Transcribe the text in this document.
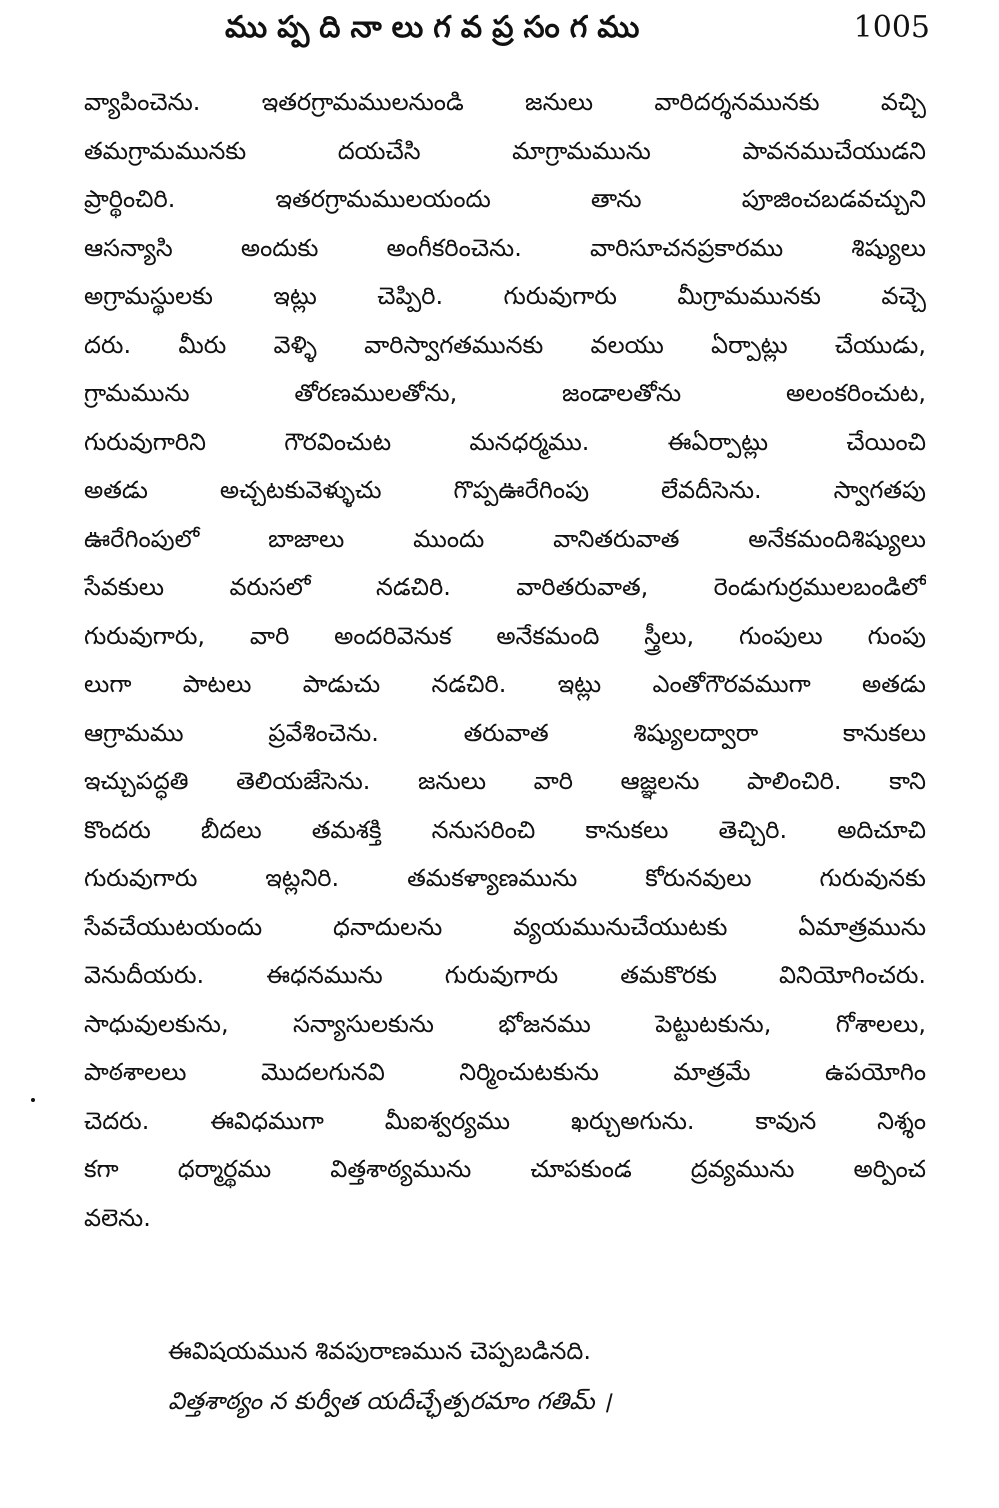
ముప్పదినాలుగవప్రసంగము	1005
వ్యాపించెను. ఇతరగ్రామములనుండి జనులు వారిదర్శనమునకు వచ్చి
తమగ్రామమునకు దయచేసి మాగ్రామమును పావనముచేయుడని
ప్రార్థించిరి. ఇతరగ్రామములయందు తాను పూజించబడవచ్చుని
ఆసన్యాసి అందుకు అంగీకరించెను. వారిసూచనప్రకారము శిష్యులు
అగ్రామస్థులకు ఇట్లు చెప్పిరి. గురువుగారు మీగ్రామమునకు వచ్చె
దరు. మీరు వెళ్ళి వారిస్వాగతమునకు వలయు ఏర్పాట్లు చేయుడు,
గ్రామమును తోరణములతోను, జండాలతోను అలంకరించుట,
గురువుగారిని గౌరవించుట మనధర్మము. ఈఏర్పాట్లు చేయించి
అతడు అచ్చటకువెళ్ళుచు గొప్పఊరేగింపు లేవదీసెను. స్వాగతపు
ఊరేగింపులో బాజాలు ముందు వానితరువాత అనేకమందిశిష్యులు
సేవకులు వరుసలో నడచిరి. వారితరువాత, రెండుగుర్రములబండిలో
గురువుగారు, వారి అందరివెనుక అనేకమంది స్త్రీలు, గుంపులు గుంపు
లుగా పాటలు పాడుచు నడచిరి. ఇట్లు ఎంతోగౌరవముగా అతడు
ఆగ్రామము ప్రవేశించెను. తరువాత శిష్యులద్వారా కానుకలు
ఇచ్చుపద్ధతి తెలియజేసెను. జనులు వారి ఆజ్ఞలను పాలించిరి. కాని
కొందరు బీదలు తమశక్తి ననుసరించి కానుకలు తెచ్చిరి. అదిచూచి
గురువుగారు ఇట్లనిరి. తమకళ్యాణమును కోరునవులు గురువునకు
సేవచేయుటయందు ధనాదులను వ్యయమునుచేయుటకు ఏమాత్రమును
వెనుదీయరు. ఈధనమును గురువుగారు తమకొరకు వినియోగించరు.
సాధువులకును, సన్యాసులకును భోజనము పెట్టుటకును, గోశాలలు,
పాఠశాలలు మొదలగునవి నిర్మించుటకును మాత్రమే ఉపయోగిం
చెదరు. ఈవిధముగా మీఐశ్వర్యము ఖర్చుఅగును. కావున నిశ్శం
కగా ధర్మార్థము విత్తశాఠ్యమును చూపకుండ ద్రవ్యమును అర్పించ
వలెను.
ఈవిషయమున శివపురాణమున చెప్పబడినది.
విత్తశాఠ్యం న కుర్వీత యదీచ్ఛేత్పరమాం గతిమ్ ।
